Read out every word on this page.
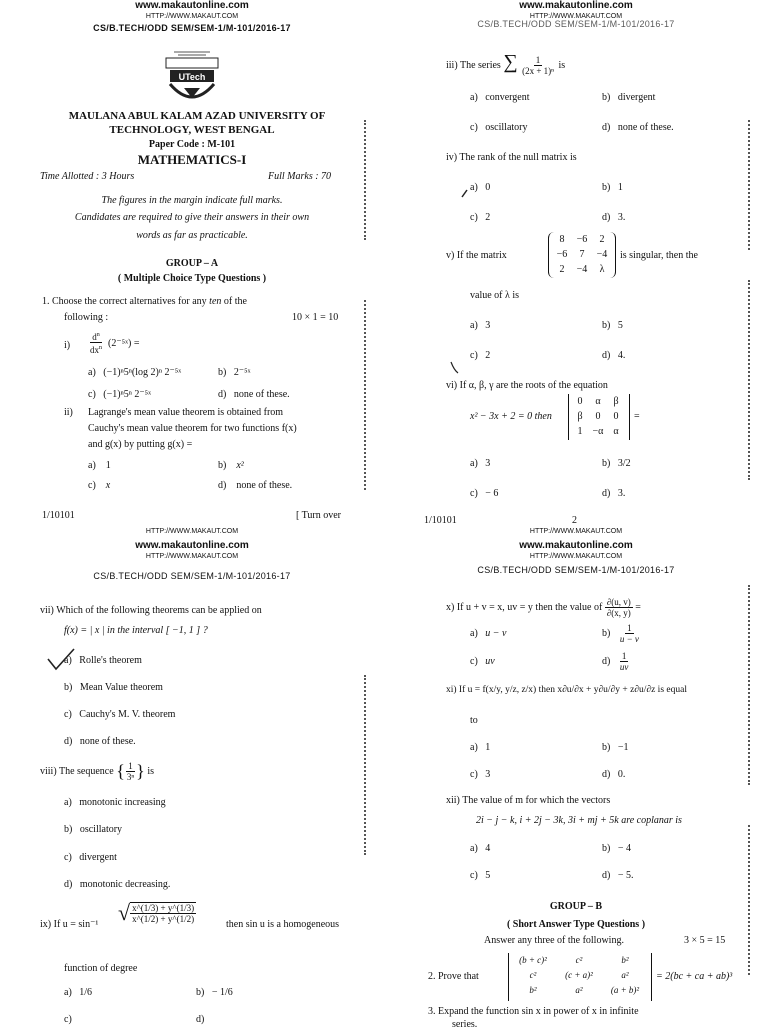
www.makautonline.com
HTTP://WWW.MAKAUT.COM
CS/B.TECH/ODD SEM/SEM-1/M-101/2016-17
UTech
MAULANA ABUL KALAM AZAD UNIVERSITY OF
TECHNOLOGY, WEST BENGAL
Paper Code : M-101
MATHEMATICS-I
Time Allotted : 3 Hours	Full Marks : 70
The figures in the margin indicate full marks.
Candidates are required to give their answers in their own
words as far as practicable.
GROUP – A
( Multiple Choice Type Questions )
1. Choose the correct alternatives for any ten of the
following :	10 × 1 = 10
$i) \frac{d^n}{dx^n}$ (2⁻⁵ˣ) =
a) (−1)ⁿ5ⁿ(log 2)ⁿ 2⁻⁵ˣ	b) 2⁻⁵ˣ
c) (−1)ⁿ5ⁿ 2⁻⁵ˣ	d) none of these.
ii) Lagrange's mean value theorem is obtained from
Cauchy's mean value theorem for two functions f(x)
and g(x) by putting g(x) =
a) 1	b) x²
c) x	d) none of these.
1/10101	[ Turn over
www.makautonline.com
HTTP://WWW.MAKAUT.COM
CS/B.TECH/ODD SEM/SEM-1/M-101/2016-17
iii) The series ∑ $\frac{1}{\text{(2x + 1)ⁿ}}$ is
a) convergent	b) divergent
c) oscillatory	d) none of these.
iv) The rank of the null matrix is
a) 0	b) 1
c) 2	d) 3.
v) If the matrix
8	−6	2
−6	7	−4
2	−4	λ
is singular, then the
value of λ is
a) 3	b) 5
c) 2	d) 4.
vi) If α, β, γ are the roots of the equation
x² − 3x + 2 = 0 then
0	α	β
β	0	0
1	−α α
=
a) 3	b) 3/2
c) − 6	d) 3.
1/10101	2
HTTP://WWW.MAKAUT.COM
www.makautonline.com
HTTP://WWW.MAKAUT.COM
CS/B.TECH/ODD SEM/SEM-1/M-101/2016-17
vii) Which of the following theorems can be applied on
f(x) = | x | in the interval [ −1, 1 ] ?
a) Rolle's theorem
b) Mean Value theorem
c) Cauchy's M. V. theorem
d) none of these.
viii) The sequence { $\frac{1}{\text{3ⁿ}}$ } is
a) monotonic increasing
b) oscillatory
c) divergent
d) monotonic decreasing.
ix) If u = sin⁻¹ √ $\frac{x\^{}(1/3) + y\^{}(1/3)}{x\^{}(1/2) + y\^{}(1/2)}$
then sin u is a homogeneous
function of degree
a) 1/6	b) − 1/6
c)	d)
HTTP://WWW.MAKAUT.COM
www.makautonline.com
HTTP://WWW.MAKAUT.COM
CS/B.TECH/ODD SEM/SEM-1/M-101/2016-17
x) If u + v = x, uv = y then the value of $\frac{\partial(u, v)}{\partial(x, y)}$ =
a) u − v	$b) \frac{1}{u - v}$
c) uv	$d) \frac{1}{uv}$
xi) If u = f(x/y, y/z, z/x) then x∂u/∂x + y∂u/∂y + z∂u/∂z is equal
to
a) 1	b) −1
c) 3	d) 0.
xii) The value of m for which the vectors
2i − j − k, i + 2j − 3k, 3i + mj + 5k are coplanar is
a) 4	b) − 4
c) 5	d) − 5.
GROUP – B
( Short Answer Type Questions )
Answer any three of the following.	3 × 5 = 15
2. Prove that
(b + c)²	c²	b²
c²	(c + a)²	a²
b²	a²	(a + b)²
= 2(bc + ca + ab)³
3. Expand the function sin x in power of x in infinite
series.
